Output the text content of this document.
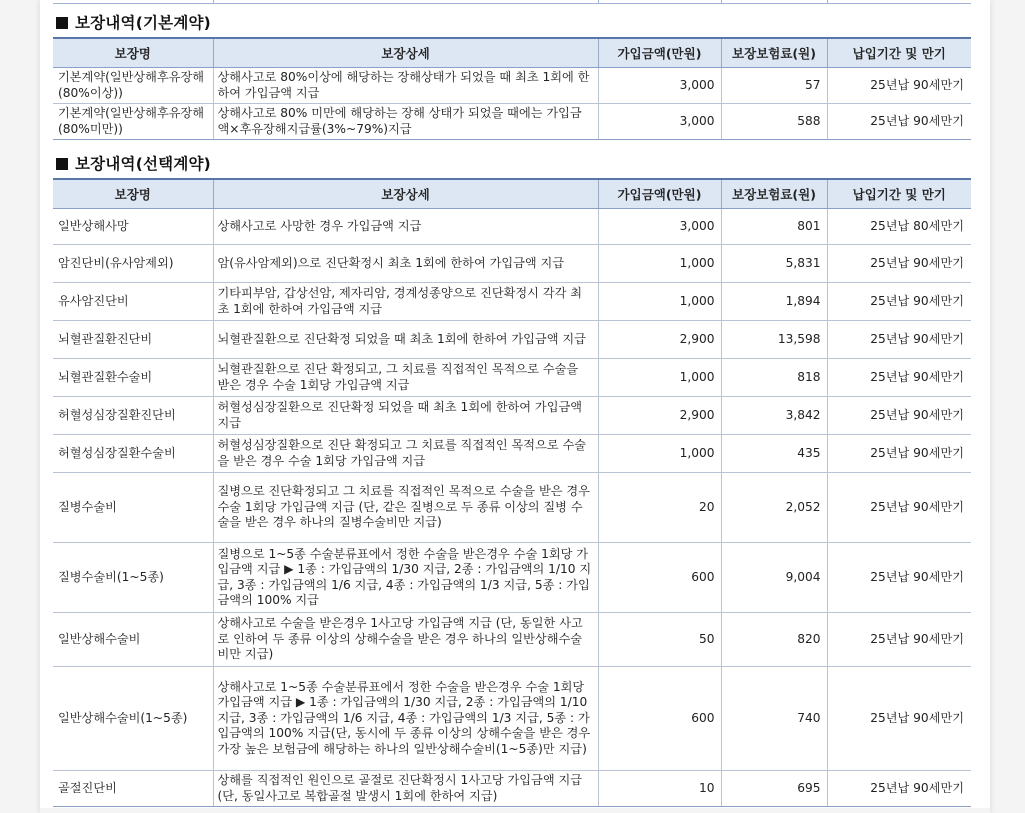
보장내역(기본계약)
보장명	보장상세	가입금액(만원)	보장보험료(원)	납입기간 및 만기
기본계약(일반상해후유장해(80%이상))	상해사고로 80%이상에 해당하는 장해상태가 되었을 때 최초 1회에 한하여 가입금액 지급	3,000	57	25년납 90세만기
기본계약(일반상해후유장해(80%미만))	상해사고로 80% 미만에 해당하는 장해 상태가 되었을 때에는 가입금액×후유장해지급률(3%~79%)지급	3,000	588	25년납 90세만기
보장내역(선택계약)
보장명	보장상세	가입금액(만원)	보장보험료(원)	납입기간 및 만기
일반상해사망	상해사고로 사망한 경우 가입금액 지급	3,000	801	25년납 80세만기
암진단비(유사암제외)	암(유사암제외)으로 진단확정시 최초 1회에 한하여 가입금액 지급	1,000	5,831	25년납 90세만기
유사암진단비	기타피부암, 갑상선암, 제자리암, 경계성종양으로 진단확정시 각각 최초 1회에 한하여 가입금액 지급	1,000	1,894	25년납 90세만기
뇌혈관질환진단비	뇌혈관질환으로 진단확정 되었을 때 최초 1회에 한하여 가입금액 지급	2,900	13,598	25년납 90세만기
뇌혈관질환수술비	뇌혈관질환으로 진단 확정되고, 그 치료를 직접적인 목적으로 수술을 받은 경우 수술 1회당 가입금액 지급	1,000	818	25년납 90세만기
허혈성심장질환진단비	허혈성심장질환으로 진단확정 되었을 때 최초 1회에 한하여 가입금액 지급	2,900	3,842	25년납 90세만기
허혈성심장질환수술비	허혈성심장질환으로 진단 확정되고 그 치료를 직접적인 목적으로 수술을 받은 경우 수술 1회당 가입금액 지급	1,000	435	25년납 90세만기
질병수술비	질병으로 진단확정되고 그 치료를 직접적인 목적으로 수술을 받은 경우 수술 1회당 가입금액 지급 (단, 같은 질병으로 두 종류 이상의 질병 수술을 받은 경우 하나의 질병수술비만 지급)	20	2,052	25년납 90세만기
질병수술비(1~5종)	질병으로 1~5종 수술분류표에서 정한 수술을 받은경우 수술 1회당 가입금액 지급 ▶ 1종 : 가입금액의 1/30 지급, 2종 : 가입금액의 1/10 지급, 3종 : 가입금액의 1/6 지급, 4종 : 가입금액의 1/3 지급, 5종 : 가입금액의 100% 지급	600	9,004	25년납 90세만기
일반상해수술비	상해사고로 수술을 받은경우 1사고당 가입금액 지급 (단, 동일한 사고로 인하여 두 종류 이상의 상해수술을 받은 경우 하나의 일반상해수술비만 지급)	50	820	25년납 90세만기
일반상해수술비(1~5종)	상해사고로 1~5종 수술분류표에서 정한 수술을 받은경우 수술 1회당 가입금액 지급 ▶ 1종 : 가입금액의 1/30 지급, 2종 : 가입금액의 1/10 지급, 3종 : 가입금액의 1/6 지급, 4종 : 가입금액의 1/3 지급, 5종 : 가입금액의 100% 지급(단, 동시에 두 종류 이상의 상해수술을 받은 경우 가장 높은 보험금에 해당하는 하나의 일반상해수술비(1~5종)만 지급)	600	740	25년납 90세만기
골절진단비	상해를 직접적인 원인으로 골절로 진단확정시 1사고당 가입금액 지급 (단, 동일사고로 복합골절 발생시 1회에 한하여 지급)	10	695	25년납 90세만기
